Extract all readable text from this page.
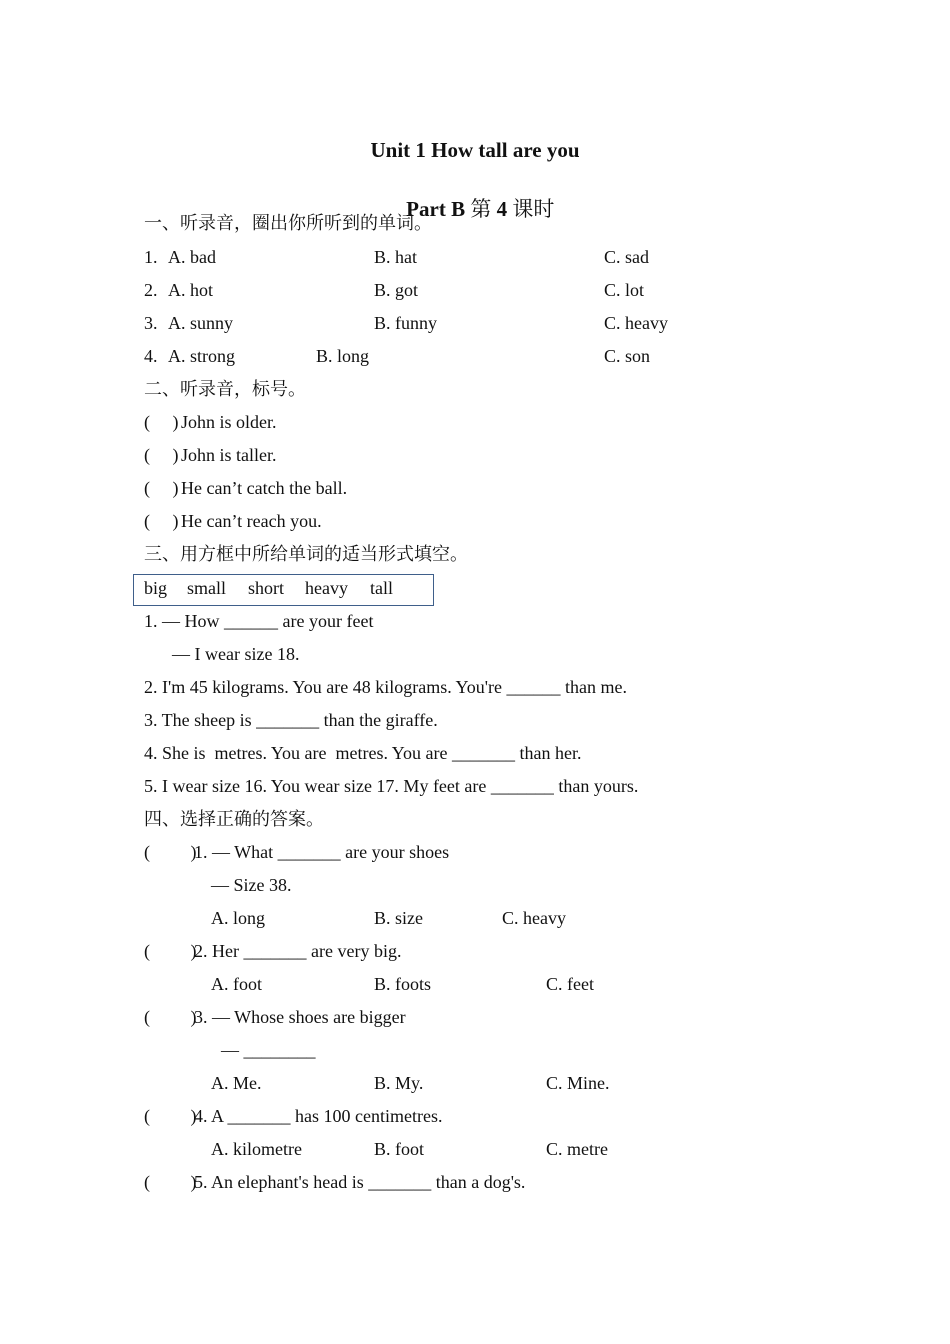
Unit 1 How tall are you

Part B 第 4 课时

一、听录音，圈出你所听到的单词。
1. A. bad	B. hat	C. sad
2. A. hot	B. got	C. lot
3. A. sunny	B. funny	C. heavy
4. A. strong	B. long	C. son
二、听录音，标号。
(     ) John is older.
(     ) John is taller.
(     ) He can’t catch the ball.
(     ) He can’t reach you.
三、用方框中所给单词的适当形式填空。
big small short heavy tall
1. — How ______ are your feet
— I wear size 18.
2. I'm 45 kilograms. You are 48 kilograms. You're ______ than me.
3. The sheep is _______ than the giraffe.
4. She is  metres. You are  metres. You are _______ than her.
5. I wear size 16. You wear size 17. My feet are _______ than yours.
四、选择正确的答案。
(         )
1. — What _______ are your shoes
— Size 38.
A. long	B. size	C. heavy
(         )
2. Her _______ are very big.
A. foot	B. foots	C. feet
(         )
3. — Whose shoes are bigger
— ________
A. Me.	B. My.	C. Mine.
(         )
4. A _______ has 100 centimetres.
A. kilometre	B. foot	C. metre
(         )
5. An elephant's head is _______ than a dog's.
